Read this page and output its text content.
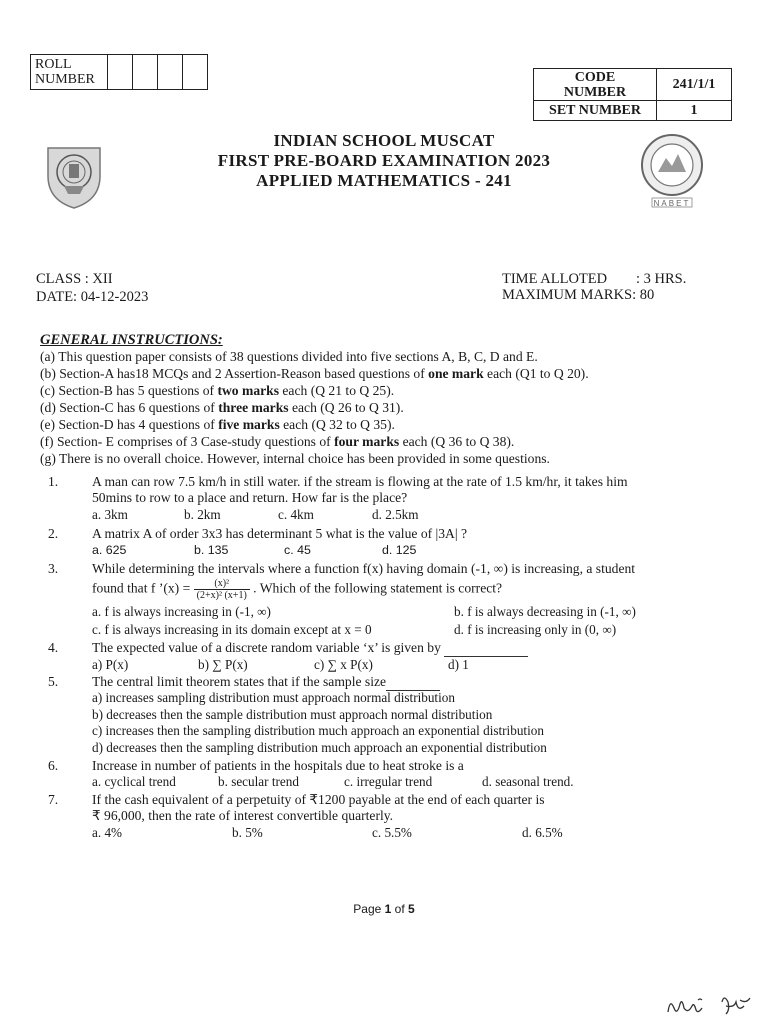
ROLL
NUMBER					CODE
NUMBER	241/1/1
SET NUMBER	1
NABET
INDIAN SCHOOL MUSCAT
FIRST PRE-BOARD EXAMINATION 2023
APPLIED MATHEMATICS - 241
CLASS : XII
DATE: 04-12-2023
TIME ALLOTED : 3 HRS.
MAXIMUM MARKS: 80
GENERAL INSTRUCTIONS:
(a) This question paper consists of 38 questions divided into five sections A, B, C, D and E.
(b) Section-A has18 MCQs and 2 Assertion-Reason based questions of one mark each (Q1 to Q 20).
(c) Section-B has 5 questions of two marks each (Q 21 to Q 25).
(d) Section-C has 6 questions of three marks each (Q 26 to Q 31).
(e) Section-D has 4 questions of five marks each (Q 32 to Q 35).
(f) Section- E comprises of 3 Case-study questions of four marks each (Q 36 to Q 38).
(g) There is no overall choice. However, internal choice has been provided in some questions.
1. A man can row 7.5 km/h in still water. if the stream is flowing at the rate of 1.5 km/hr, it takes him
50mins to row to a place and return. How far is the place?
a. 3km	b. 2km	c. 4km	d. 2.5km
2. A matrix A of order 3x3 has determinant 5 what is the value of |3A| ?
a. 625	b. 135	c. 45	d. 125
3. While determining the intervals where a function f(x) having domain (-1, ∞) is increasing, a student
found that f ’(x) = $\frac{\text{(x)²}}{\text{(2+x)² (x+1)}}$ . Which of the following statement is correct?
a. f is always increasing in (-1, ∞)	b. f is always decreasing in (-1, ∞)
c. f is always increasing in its domain except at x = 0	d. f is increasing only in (0, ∞)
4. The expected value of a discrete random variable ‘x’ is given by
a) P(x)	b) ∑ P(x)	c) ∑ x P(x)	d) 1
5. The central limit theorem states that if the sample size
a) increases sampling distribution must approach normal distribution
b) decreases then the sample distribution must approach normal distribution
c) increases then the sampling distribution much approach an exponential distribution
d) decreases then the sampling distribution much approach an exponential distribution
6. Increase in number of patients in the hospitals due to heat stroke is a
a. cyclical trend	b. secular trend	c. irregular trend	d. seasonal trend.
7. If the cash equivalent of a perpetuity of ₹1200 payable at the end of each quarter is
₹ 96,000, then the rate of interest convertible quarterly.
a. 4%	b. 5%	c. 5.5%	d. 6.5%
Page 1 of 5
